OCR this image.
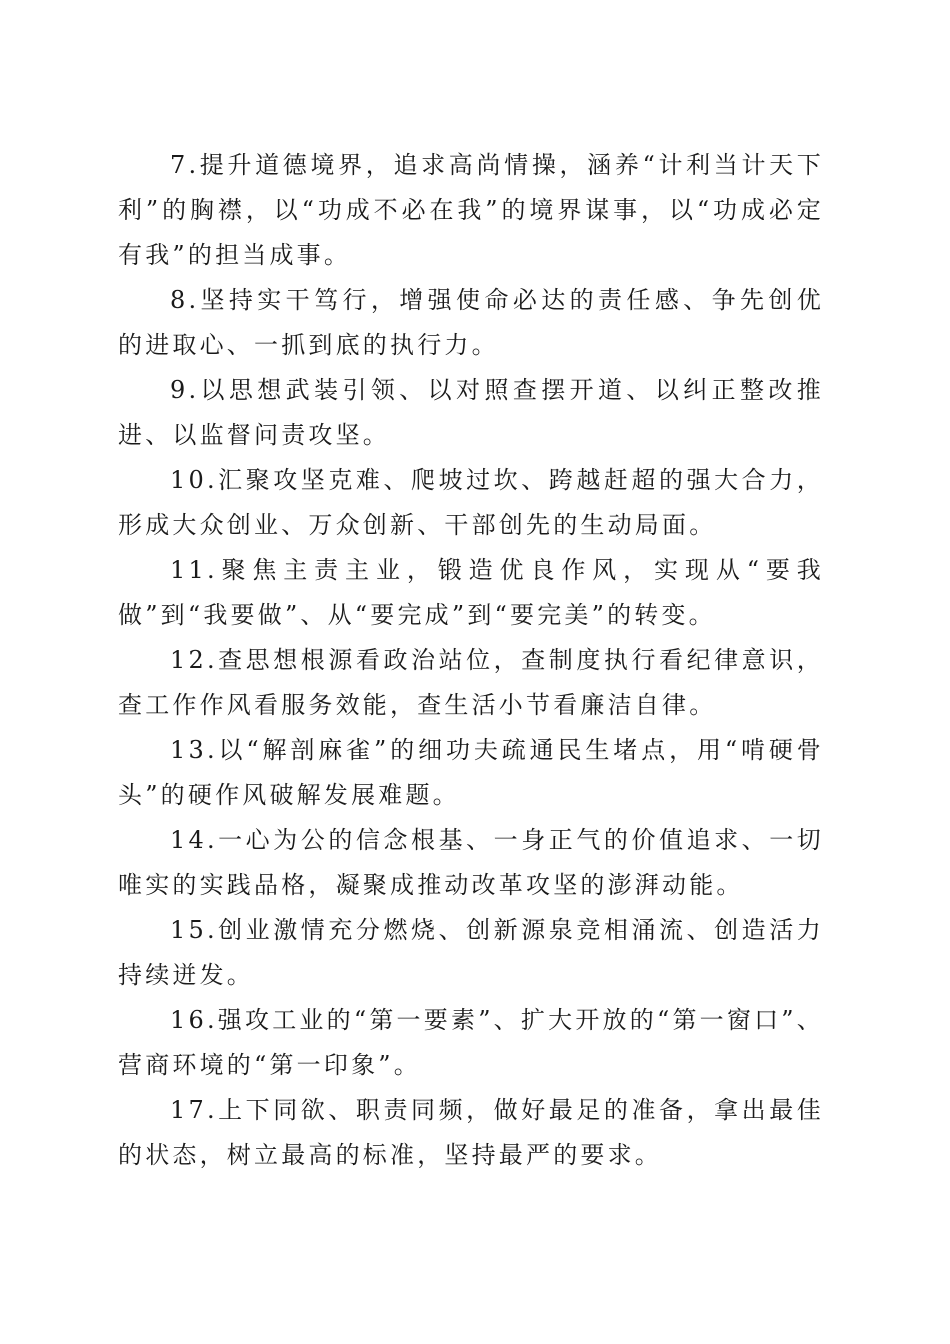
7.提升道德境界，追求高尚情操，涵养“计利当计天下利”的胸襟，以“功成不必在我”的境界谋事，以“功成必定有我”的担当成事。

8.坚持实干笃行，增强使命必达的责任感、争先创优的进取心、一抓到底的执行力。

9.以思想武装引领、以对照查摆开道、以纠正整改推进、以监督问责攻坚。

10.汇聚攻坚克难、爬坡过坎、跨越赶超的强大合力，形成大众创业、万众创新、干部创先的生动局面。

11.聚焦主责主业，锻造优良作风，实现从“要我做”到“我要做”、从“要完成”到“要完美”的转变。

12.查思想根源看政治站位，查制度执行看纪律意识，查工作作风看服务效能，查生活小节看廉洁自律。

13.以“解剖麻雀”的细功夫疏通民生堵点，用“啃硬骨头”的硬作风破解发展难题。

14.一心为公的信念根基、一身正气的价值追求、一切唯实的实践品格，凝聚成推动改革攻坚的澎湃动能。

15.创业激情充分燃烧、创新源泉竞相涌流、创造活力持续迸发。

16.强攻工业的“第一要素”、扩大开放的“第一窗口”、营商环境的“第一印象”。

17.上下同欲、职责同频，做好最足的准备，拿出最佳的状态，树立最高的标准，坚持最严的要求。
